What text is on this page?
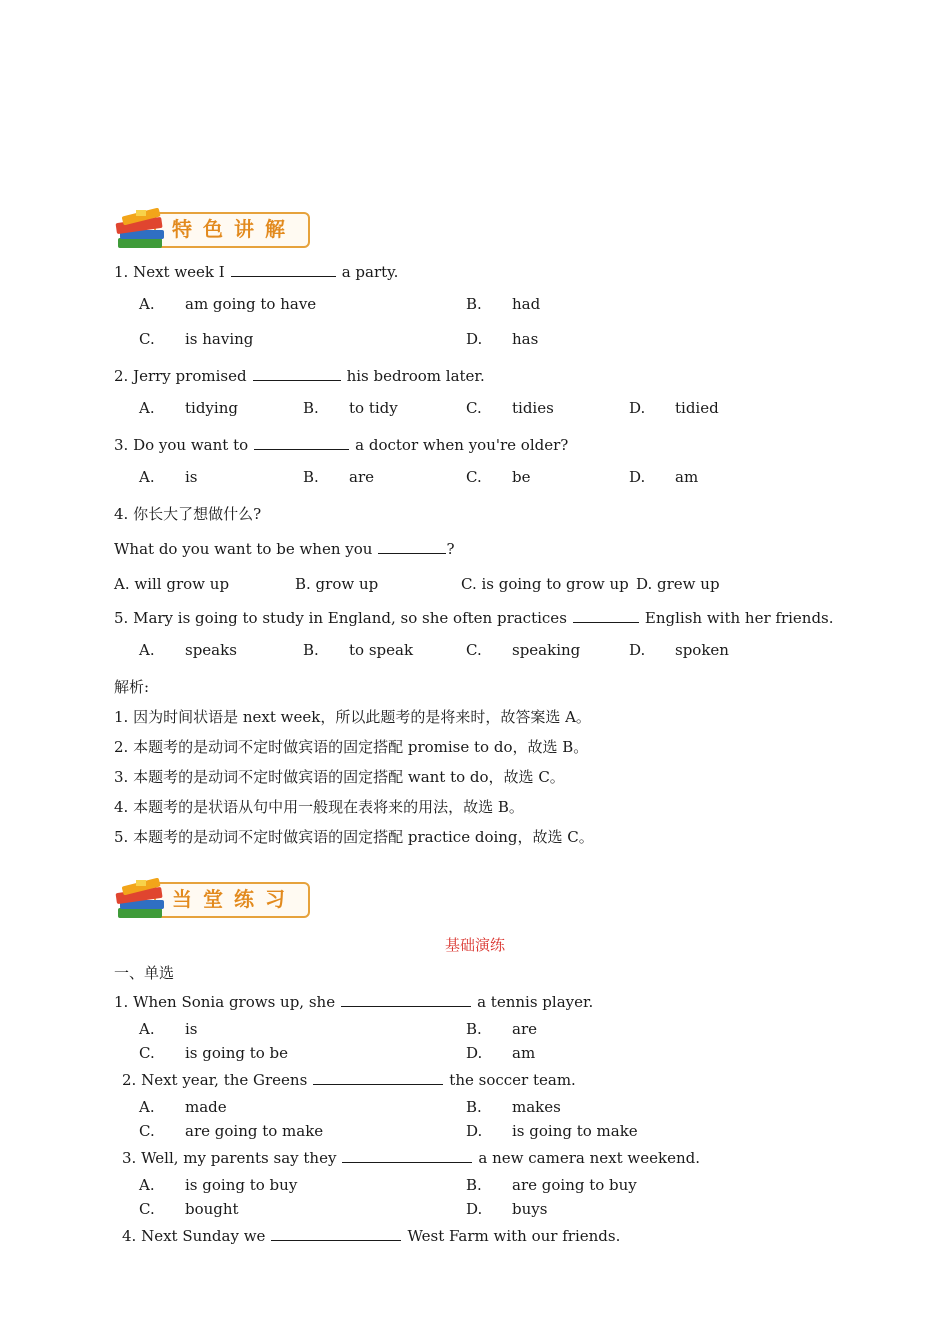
特色讲解
1. Next week I	a party.
A. am going to have	B. had
C. is having	D. has
2. Jerry promised	his bedroom later.
A. tidying	B. to tidy	C. tidies	D. tidied
3. Do you want to	a doctor when you're older?
A. is	B. are	C. be	D. am
4. 你长大了想做什么?
What do you want to be when you	?
A. will grow up	B. grow up	C. is going to grow up D. grew up
5. Mary is going to study in England, so she often practices	English with her friends.
A. speaks	B. to speak	C. speaking	D. spoken
解析:
1. 因为时间状语是 next week，所以此题考的是将来时，故答案选 A。
2. 本题考的是动词不定时做宾语的固定搭配 promise to do，故选 B。
3. 本题考的是动词不定时做宾语的固定搭配 want to do，故选 C。
4. 本题考的是状语从句中用一般现在表将来的用法，故选 B。
5. 本题考的是动词不定时做宾语的固定搭配 practice doing，故选 C。
当堂练习
基础演练
一、单选
1. When Sonia grows up, she	a tennis player.
A. is	B. are
C. is going to be	D. am
2. Next year, the Greens	the soccer team.
A. made	B. makes
C. are going to make	D. is going to make
3. Well, my parents say they	a new camera next weekend.
A. is going to buy	B. are going to buy
C. bought	D. buys
4. Next Sunday we	West Farm with our friends.
